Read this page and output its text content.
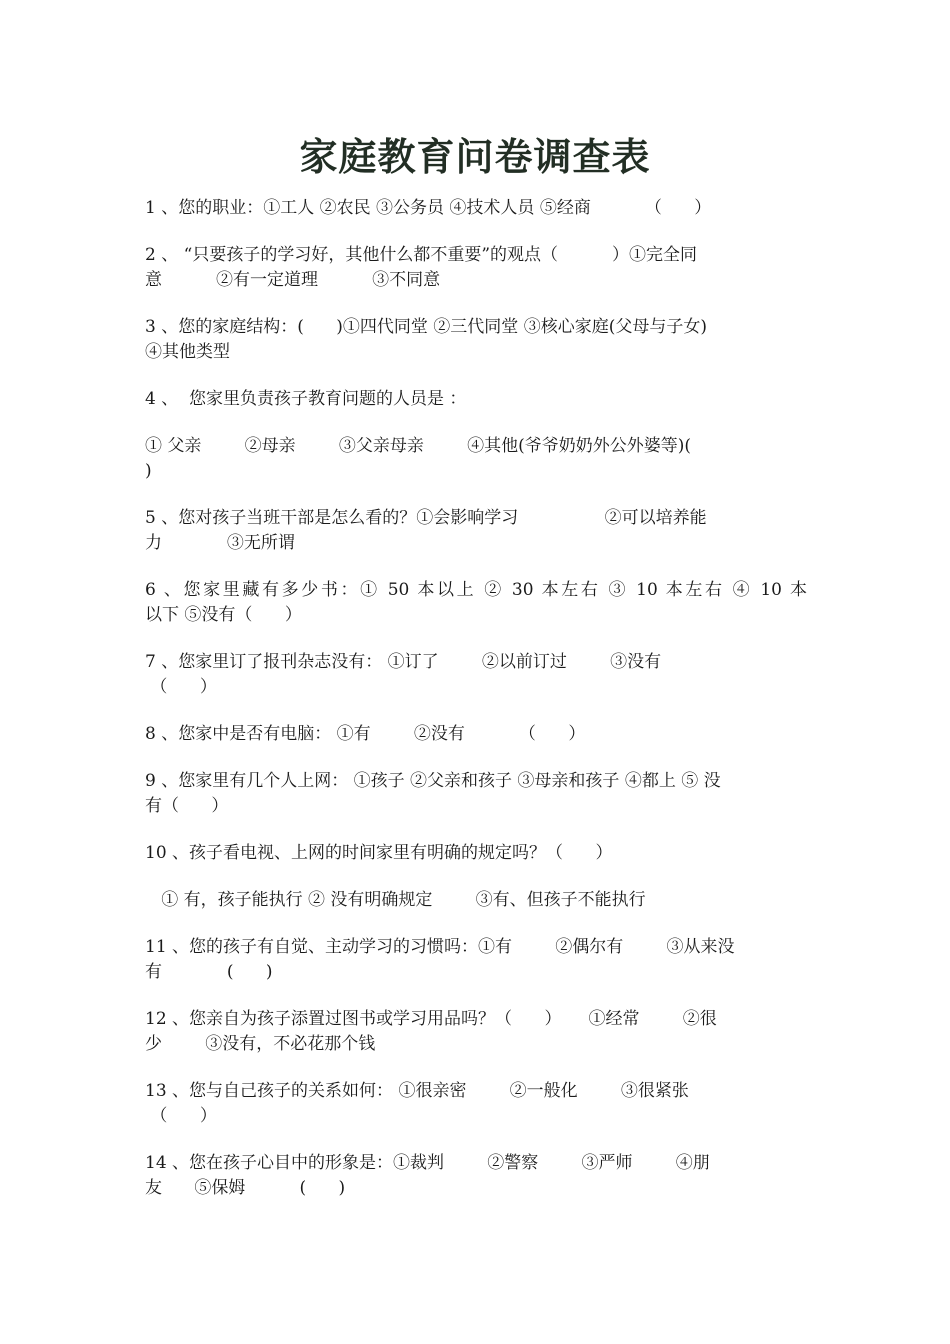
家庭教育问卷调查表
1 、您的职业：①工人 ②农民 ③公务员 ④技术人员 ⑤经商          （      ）
2 、 “只要孩子的学习好，其他什么都不重要”的观点（          ）①完全同
意          ②有一定道理          ③不同意
3 、您的家庭结构：(      )①四代同堂 ②三代同堂 ③核心家庭(父母与子女)
④其他类型
4 、  您家里负责孩子教育问题的人员是 ：
① 父亲        ②母亲        ③父亲母亲        ④其他(爷爷奶奶外公外婆等)(
)
5 、您对孩子当班干部是怎么看的？①会影响学习                ②可以培养能
力            ③无所谓
6 、您家里藏有多少书：① 50 本以上 ② 30 本左右 ③ 10 本左右 ④ 10 本
以下 ⑤没有（      ）
7 、您家里订了报刊杂志没有： ①订了        ②以前订过        ③没有
（      ）
8 、您家中是否有电脑： ①有        ②没有          （      ）
9 、您家里有几个人上网： ①孩子 ②父亲和孩子 ③母亲和孩子 ④都上 ⑤ 没
有（      ）
10 、孩子看电视、上网的时间家里有明确的规定吗？（      ）
① 有，孩子能执行 ② 没有明确规定        ③有、但孩子不能执行
11 、您的孩子有自觉、主动学习的习惯吗：①有        ②偶尔有        ③从来没
有            (      )
12 、您亲自为孩子添置过图书或学习用品吗？（      ）     ①经常        ②很
少        ③没有，不必花那个钱
13 、您与自己孩子的关系如何： ①很亲密        ②一般化        ③很紧张
（      ）
14 、您在孩子心目中的形象是：①裁判        ②警察        ③严师        ④朋
友      ⑤保姆          (      )
